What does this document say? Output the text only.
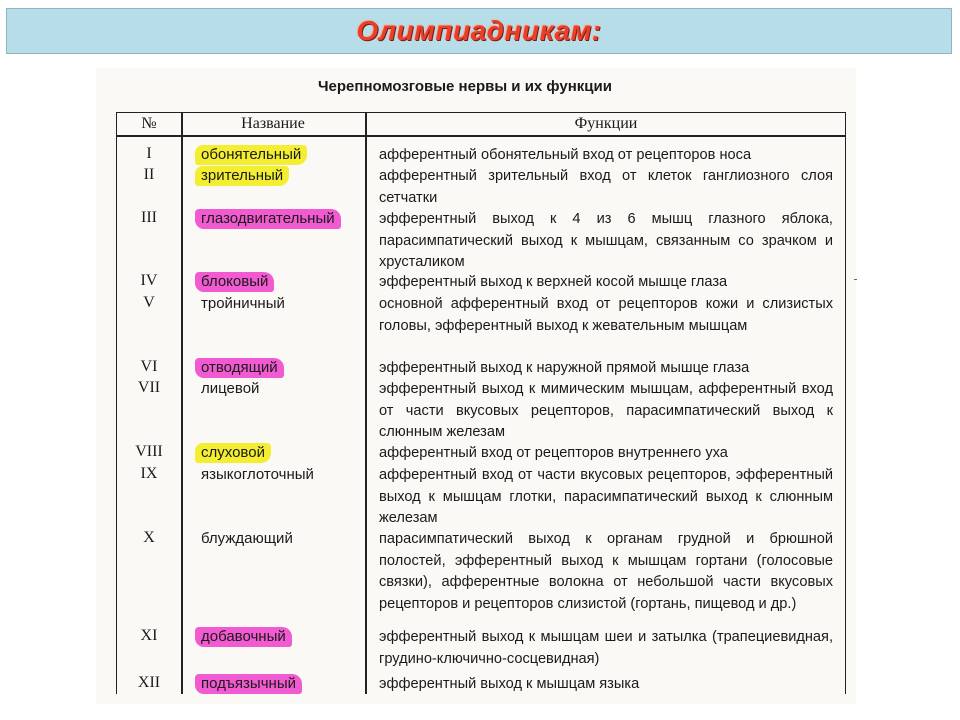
Олимпиадникам:
Черепномозговые нервы и их функции
№	Название	Функции
I	обонятельный	афферентный обонятельный вход от рецепторов носа
II	зрительный	афферентный зрительный вход от клеток ганглиозного слоя сетчатки
III	глазодвигательный	эфферентный выход к 4 из 6 мышц глазного яблока, парасимпатический выход к мышцам, связанным со зрачком и хрусталиком
IV	блоковый	эфферентный выход к верхней косой мышце глаза
V	тройничный	основной афферентный вход от рецепторов кожи и слизистых головы, эфферентный выход к жевательным мышцам
VI	отводящий	эфферентный выход к наружной прямой мышце глаза
VII	лицевой	эфферентный выход к мимическим мышцам, афферентный вход от части вкусовых рецепторов, парасимпатический выход к слюнным железам
VIII	слуховой	афферентный вход от рецепторов внутреннего уха
IX	языкоглоточный	афферентный вход от части вкусовых рецепторов, эфферентный выход к мышцам глотки, парасимпатический выход к слюнным железам
X	блуждающий	парасимпатический выход к органам грудной и брюшной полостей, эфферентный выход к мышцам гортани (голосовые связки), афферентные волокна от небольшой части вкусовых рецепторов и рецепторов слизистой (гортань, пищевод и др.)
XI	добавочный	эфферентный выход к мышцам шеи и затылка (трапециевидная, грудино-ключично-сосцевидная)
XII	подъязычный	эфферентный выход к мышцам языка
